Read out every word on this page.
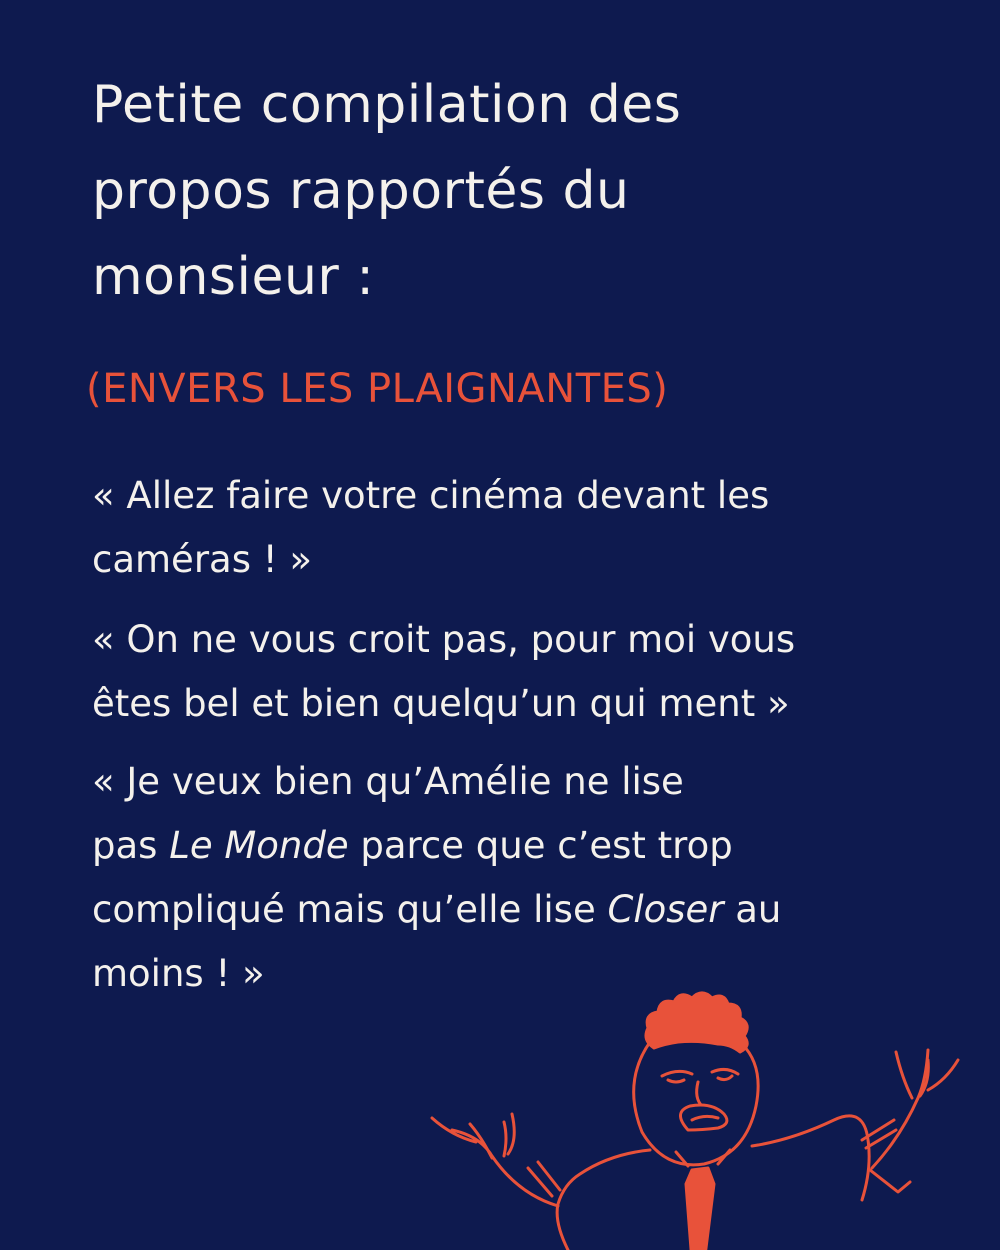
Petite compilation des
propos rapportés du
monsieur :

(ENVERS LES PLAIGNANTES)

« Allez faire votre cinéma devant les
caméras ! »

« On ne vous croit pas, pour moi vous
êtes bel et bien quelqu’un qui ment »

« Je veux bien qu’Amélie ne lise
pas Le Monde parce que c’est trop
compliqué mais qu’elle lise Closer au
moins ! »
